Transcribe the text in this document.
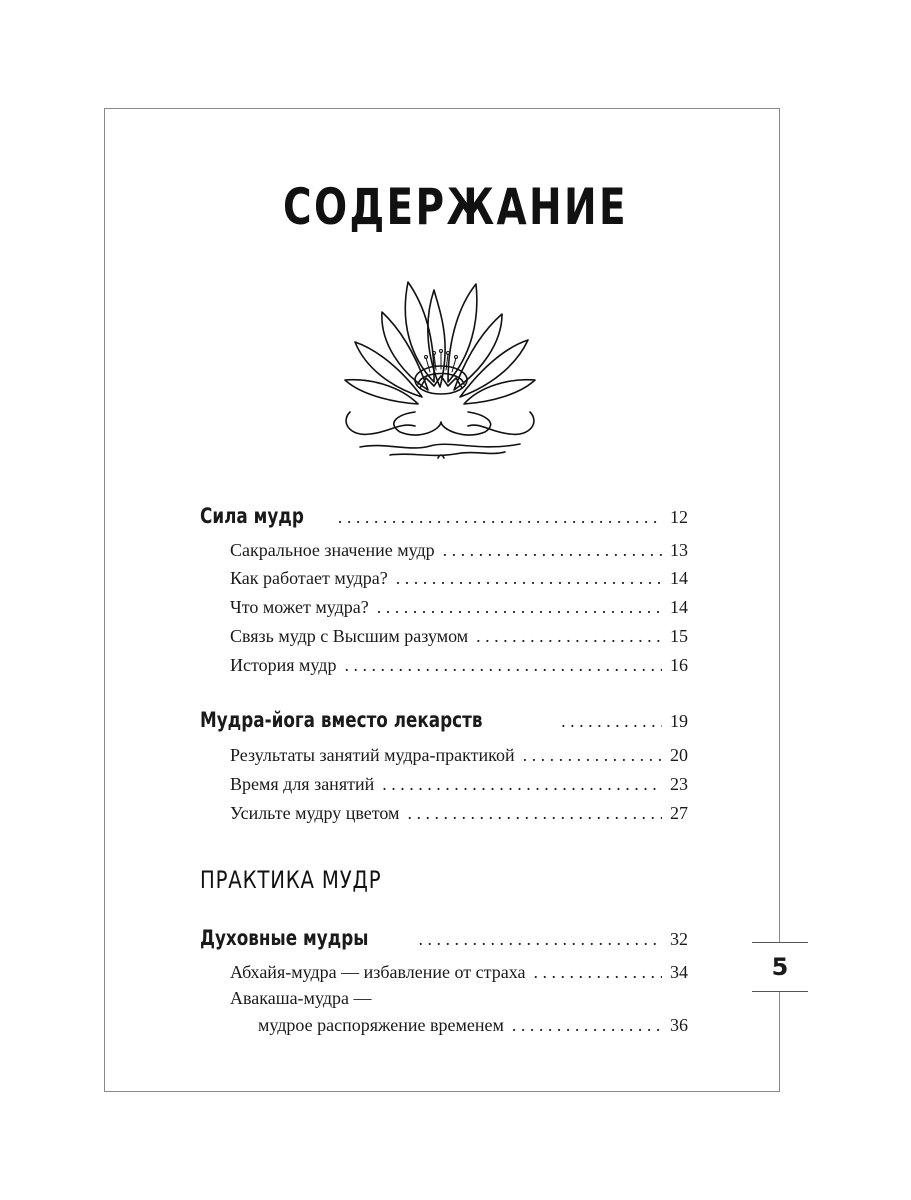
СОДЕРЖАНИЕ
Сила мудр . . .	12
Сакральное значение мудр . . .	13
Как работает мудра? . . .	14
Что может мудра? . . .	14
Связь мудр с Высшим разумом . . .	15
История мудр . . .	16
Мудра-йога вместо лекарств . . .	19
Результаты занятий мудра-практикой . . .	20
Время для занятий . . .	23
Усильте мудру цветом . . .	27
ПРАКТИКА МУДР
Духовные мудры . . .	32
Абхайя-мудра — избавление от страха . . .	34
Авакаша-мудра —
мудрое распоряжение временем . . .	36
5
